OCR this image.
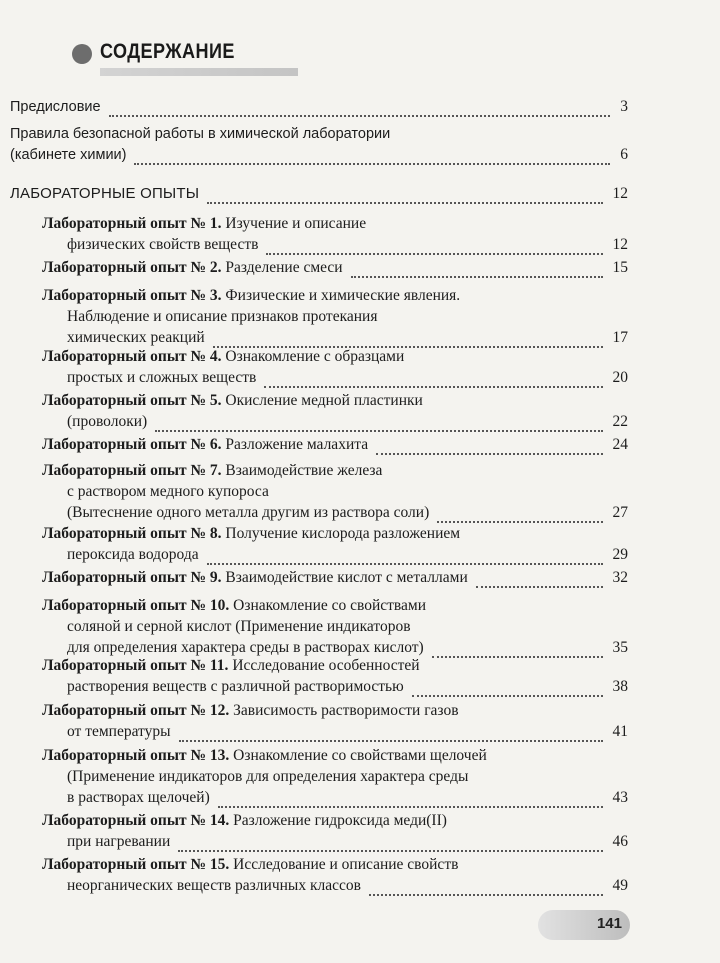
СОДЕРЖАНИЕ
Предисловие	3
Правила безопасной работы в химической лаборатории
(кабинете химии)	6
ЛАБОРАТОРНЫЕ ОПЫТЫ	12
Лабораторный опыт № 1. Изучение и описание
физических свойств веществ	12
Лабораторный опыт № 2. Разделение смеси	15
Лабораторный опыт № 3. Физические и химические явления.
Наблюдение и описание признаков протекания
химических реакций	17
Лабораторный опыт № 4. Ознакомление с образцами
простых и сложных веществ	20
Лабораторный опыт № 5. Окисление медной пластинки
(проволоки)	22
Лабораторный опыт № 6. Разложение малахита	24
Лабораторный опыт № 7. Взаимодействие железа
с раствором медного купороса
(Вытеснение одного металла другим из раствора соли)	27
Лабораторный опыт № 8. Получение кислорода разложением
пероксида водорода	29
Лабораторный опыт № 9. Взаимодействие кислот с металлами	32
Лабораторный опыт № 10. Ознакомление со свойствами
соляной и серной кислот (Применение индикаторов
для определения характера среды в растворах кислот)	35
Лабораторный опыт № 11. Исследование особенностей
растворения веществ с различной растворимостью	38
Лабораторный опыт № 12. Зависимость растворимости газов
от температуры	41
Лабораторный опыт № 13. Ознакомление со свойствами щелочей
(Применение индикаторов для определения характера среды
в растворах щелочей)	43
Лабораторный опыт № 14. Разложение гидроксида меди(II)
при нагревании	46
Лабораторный опыт № 15. Исследование и описание свойств
неорганических веществ различных классов	49
141
